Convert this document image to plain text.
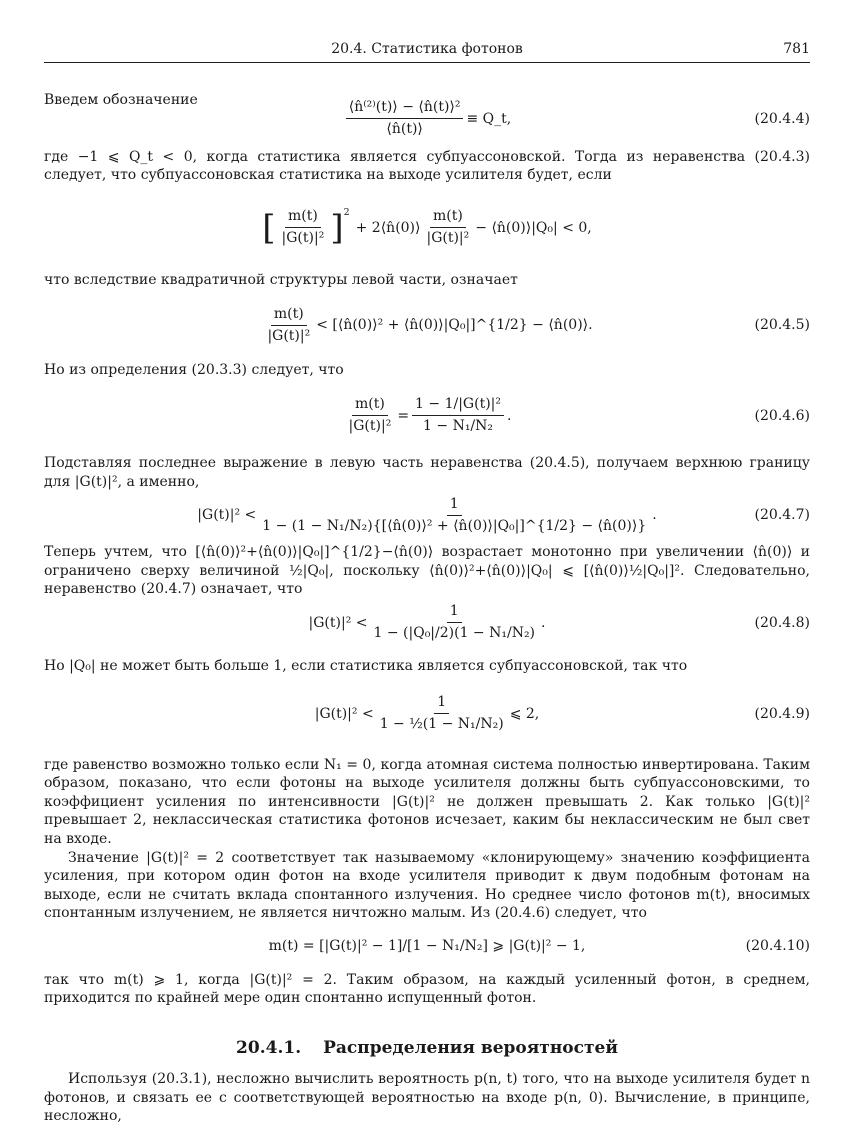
20.4. Статистика фотонов	781

Введем обозначение	$\frac{\text{⟨n̂⁽²⁾(t)⟩ − ⟨n̂(t)⟩²}}{⟨n̂(t)⟩}$ ≡ Q_t,	(20.4.4)

где −1 ⩽ Q_t < 0, когда статистика является субпуассоновской. Тогда из неравенства (20.4.3) следует, что субпуассоновская статистика на выходе усилителя будет, если

[ $\frac{m(t)}{\text{|G(t)|²}} ]^2$
+ 2⟨n̂(0)⟩ $\frac{m(t)}{\text{|G(t)|²}}$ − ⟨n̂(0)⟩|Q₀| < 0,

что вследствие квадратичной структуры левой части, означает

$\frac{m(t)}{\text{|G(t)|²}}$ < [⟨n̂(0)⟩² + ⟨n̂(0)⟩|Q₀|]^{1/2} − ⟨n̂(0)⟩.	(20.4.5)

Но из определения (20.3.3) следует, что

$\frac{m(t)}{\text{|G(t)|²}} = \frac{\text{1 − 1/|G(t)|²}}{\text{1 − N₁/N₂}}$ .	(20.4.6)

Подставляя последнее выражение в левую часть неравенства (20.4.5), получаем верхнюю границу для |G(t)|², а именно,

$|G(t)|^2 < \frac{1}{\text{1 − (1 − N₁/N₂)\{[⟨n̂(0)⟩² + ⟨n̂(0)⟩|Q₀|]\textasciicircum{}\{1/2\} − ⟨n̂(0)⟩\}}}$ .	(20.4.7)

Теперь учтем, что [⟨n̂(0)⟩²+⟨n̂(0)⟩|Q₀|]^{1/2}−⟨n̂(0)⟩ возрастает монотонно при увеличении ⟨n̂(0)⟩ и ограничено сверху величиной ½|Q₀|, поскольку ⟨n̂(0)⟩²+⟨n̂(0)⟩|Q₀| ⩽ [⟨n̂(0)⟩½|Q₀|]². Следовательно, неравенство (20.4.7) означает, что

$|G(t)|^2 < \frac{1}{\text{1 − (|Q₀|/2)(1 − N₁/N₂)}}$ .	(20.4.8)

Но |Q₀| не может быть больше 1, если статистика является субпуассоновской, так что

$|G(t)|^2 < \frac{1}{\text{1 − ½(1 − N₁/N₂)}}$ ⩽ 2,	(20.4.9)

где равенство возможно только если N₁ = 0, когда атомная система полностью инвертирована. Таким образом, показано, что если фотоны на выходе усилителя должны быть субпуассоновскими, то коэффициент усиления по интенсивности |G(t)|² не должен превышать 2. Как только |G(t)|² превышает 2, неклассическая статистика фотонов исчезает, каким бы неклассическим не был свет на входе.

Значение |G(t)|² = 2 соответствует так называемому «клонирующему» значению коэффициента усиления, при котором один фотон на входе усилителя приводит к двум подобным фотонам на выходе, если не считать вклада спонтанного излучения. Но среднее число фотонов m(t), вносимых спонтанным излучением, не является ничтожно малым. Из (20.4.6) следует, что

m(t) = [|G(t)|² − 1]/[1 − N₁/N₂] ⩾ |G(t)|² − 1,	(20.4.10)

так что m(t) ⩾ 1, когда |G(t)|² = 2. Таким образом, на каждый усиленный фотон, в среднем, приходится по крайней мере один спонтанно испущенный фотон.

20.4.1. Распределения вероятностей

Используя (20.3.1), несложно вычислить вероятность p(n, t) того, что на выходе усилителя будет n фотонов, и связать ее с соответствующей вероятностью на входе p(n, 0). Вычисление, в принципе, несложно,
